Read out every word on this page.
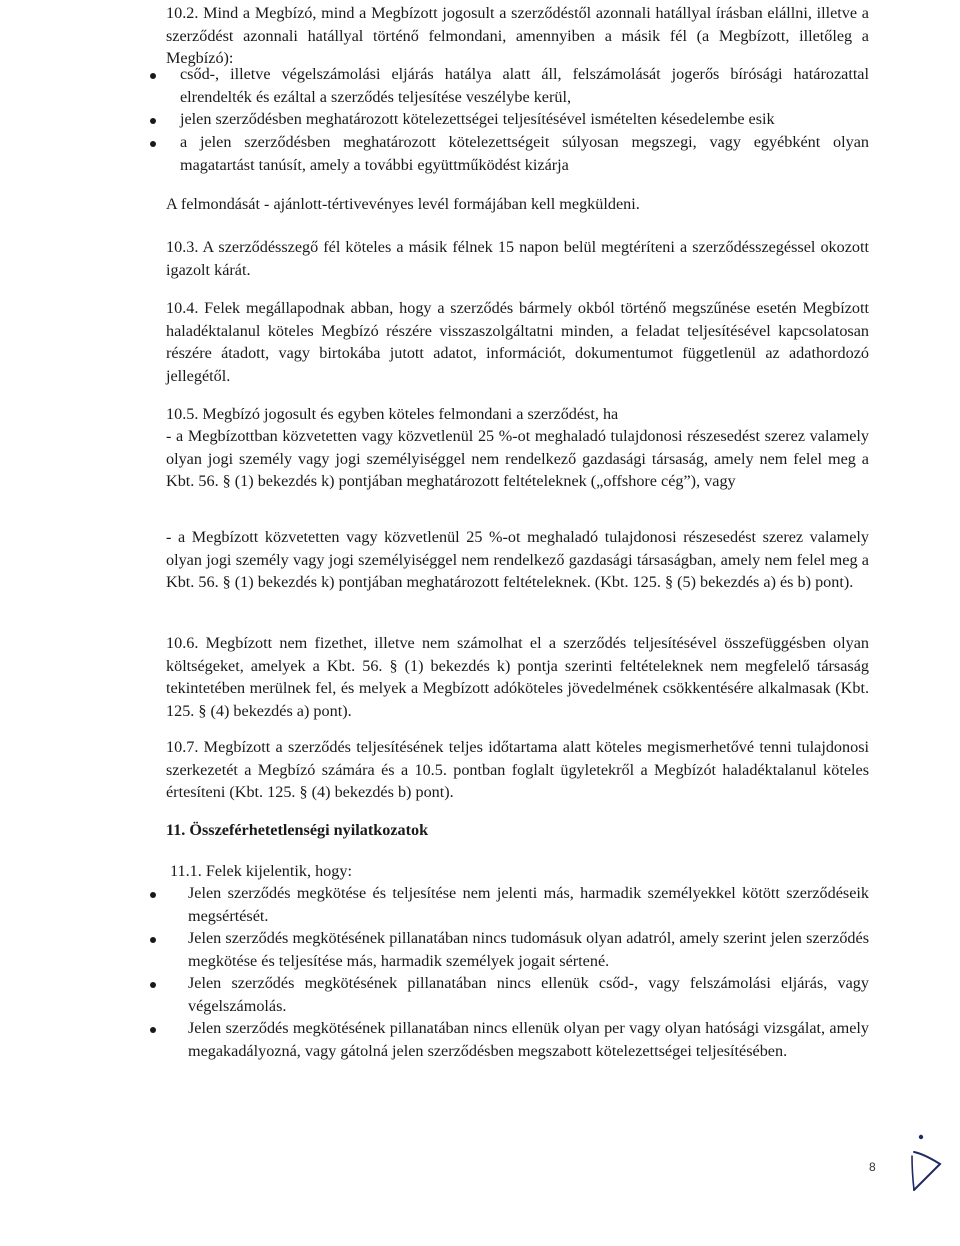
10.2. Mind a Megbízó, mind a Megbízott jogosult a szerződéstől azonnali hatállyal írásban elállni, illetve a szerződést azonnali hatállyal történő felmondani, amennyiben a másik fél (a Megbízott, illetőleg a Megbízó):
csőd-, illetve végelszámolási eljárás hatálya alatt áll, felszámolását jogerős bírósági határozattal elrendelték és ezáltal a szerződés teljesítése veszélybe kerül,
jelen szerződésben meghatározott kötelezettségei teljesítésével ismételten késedelembe esik
a jelen szerződésben meghatározott kötelezettségeit súlyosan megszegi, vagy egyébként olyan magatartást tanúsít, amely a további együttműködést kizárja
A felmondását - ajánlott-tértivevényes levél formájában kell megküldeni.
10.3. A szerződésszegő fél köteles a másik félnek 15 napon belül megtéríteni a szerződésszegéssel okozott igazolt kárát.
10.4. Felek megállapodnak abban, hogy a szerződés bármely okból történő megszűnése esetén Megbízott haladéktalanul köteles Megbízó részére visszaszolgáltatni minden, a feladat teljesítésével kapcsolatosan részére átadott, vagy birtokába jutott adatot, információt, dokumentumot függetlenül az adathordozó jellegétől.
10.5. Megbízó jogosult és egyben köteles felmondani a szerződést, ha
- a Megbízottban közvetetten vagy közvetlenül 25 %-ot meghaladó tulajdonosi részesedést szerez valamely olyan jogi személy vagy jogi személyiséggel nem rendelkező gazdasági társaság, amely nem felel meg a Kbt. 56. § (1) bekezdés k) pontjában meghatározott feltételeknek („offshore cég”), vagy
- a Megbízott közvetetten vagy közvetlenül 25 %-ot meghaladó tulajdonosi részesedést szerez valamely olyan jogi személy vagy jogi személyiséggel nem rendelkező gazdasági társaságban, amely nem felel meg a Kbt. 56. § (1) bekezdés k) pontjában meghatározott feltételeknek. (Kbt. 125. § (5) bekezdés a) és b) pont).
10.6. Megbízott nem fizethet, illetve nem számolhat el a szerződés teljesítésével összefüggésben olyan költségeket, amelyek a Kbt. 56. § (1) bekezdés k) pontja szerinti feltételeknek nem megfelelő társaság tekintetében merülnek fel, és melyek a Megbízott adóköteles jövedelmének csökkentésére alkalmasak (Kbt. 125. § (4) bekezdés a) pont).
10.7. Megbízott a szerződés teljesítésének teljes időtartama alatt köteles megismerhetővé tenni tulajdonosi szerkezetét a Megbízó számára és a 10.5. pontban foglalt ügyletekről a Megbízót haladéktalanul köteles értesíteni (Kbt. 125. § (4) bekezdés b) pont).
11. Összeférhetetlenségi nyilatkozatok
11.1. Felek kijelentik, hogy:
Jelen szerződés megkötése és teljesítése nem jelenti más, harmadik személyekkel kötött szerződéseik megsértését.
Jelen szerződés megkötésének pillanatában nincs tudomásuk olyan adatról, amely szerint jelen szerződés megkötése és teljesítése más, harmadik személyek jogait sértené.
Jelen szerződés megkötésének pillanatában nincs ellenük csőd-, vagy felszámolási eljárás, vagy végelszámolás.
Jelen szerződés megkötésének pillanatában nincs ellenük olyan per vagy olyan hatósági vizsgálat, amely megakadályozná, vagy gátolná jelen szerződésben megszabott kötelezettségei teljesítésében.
8
